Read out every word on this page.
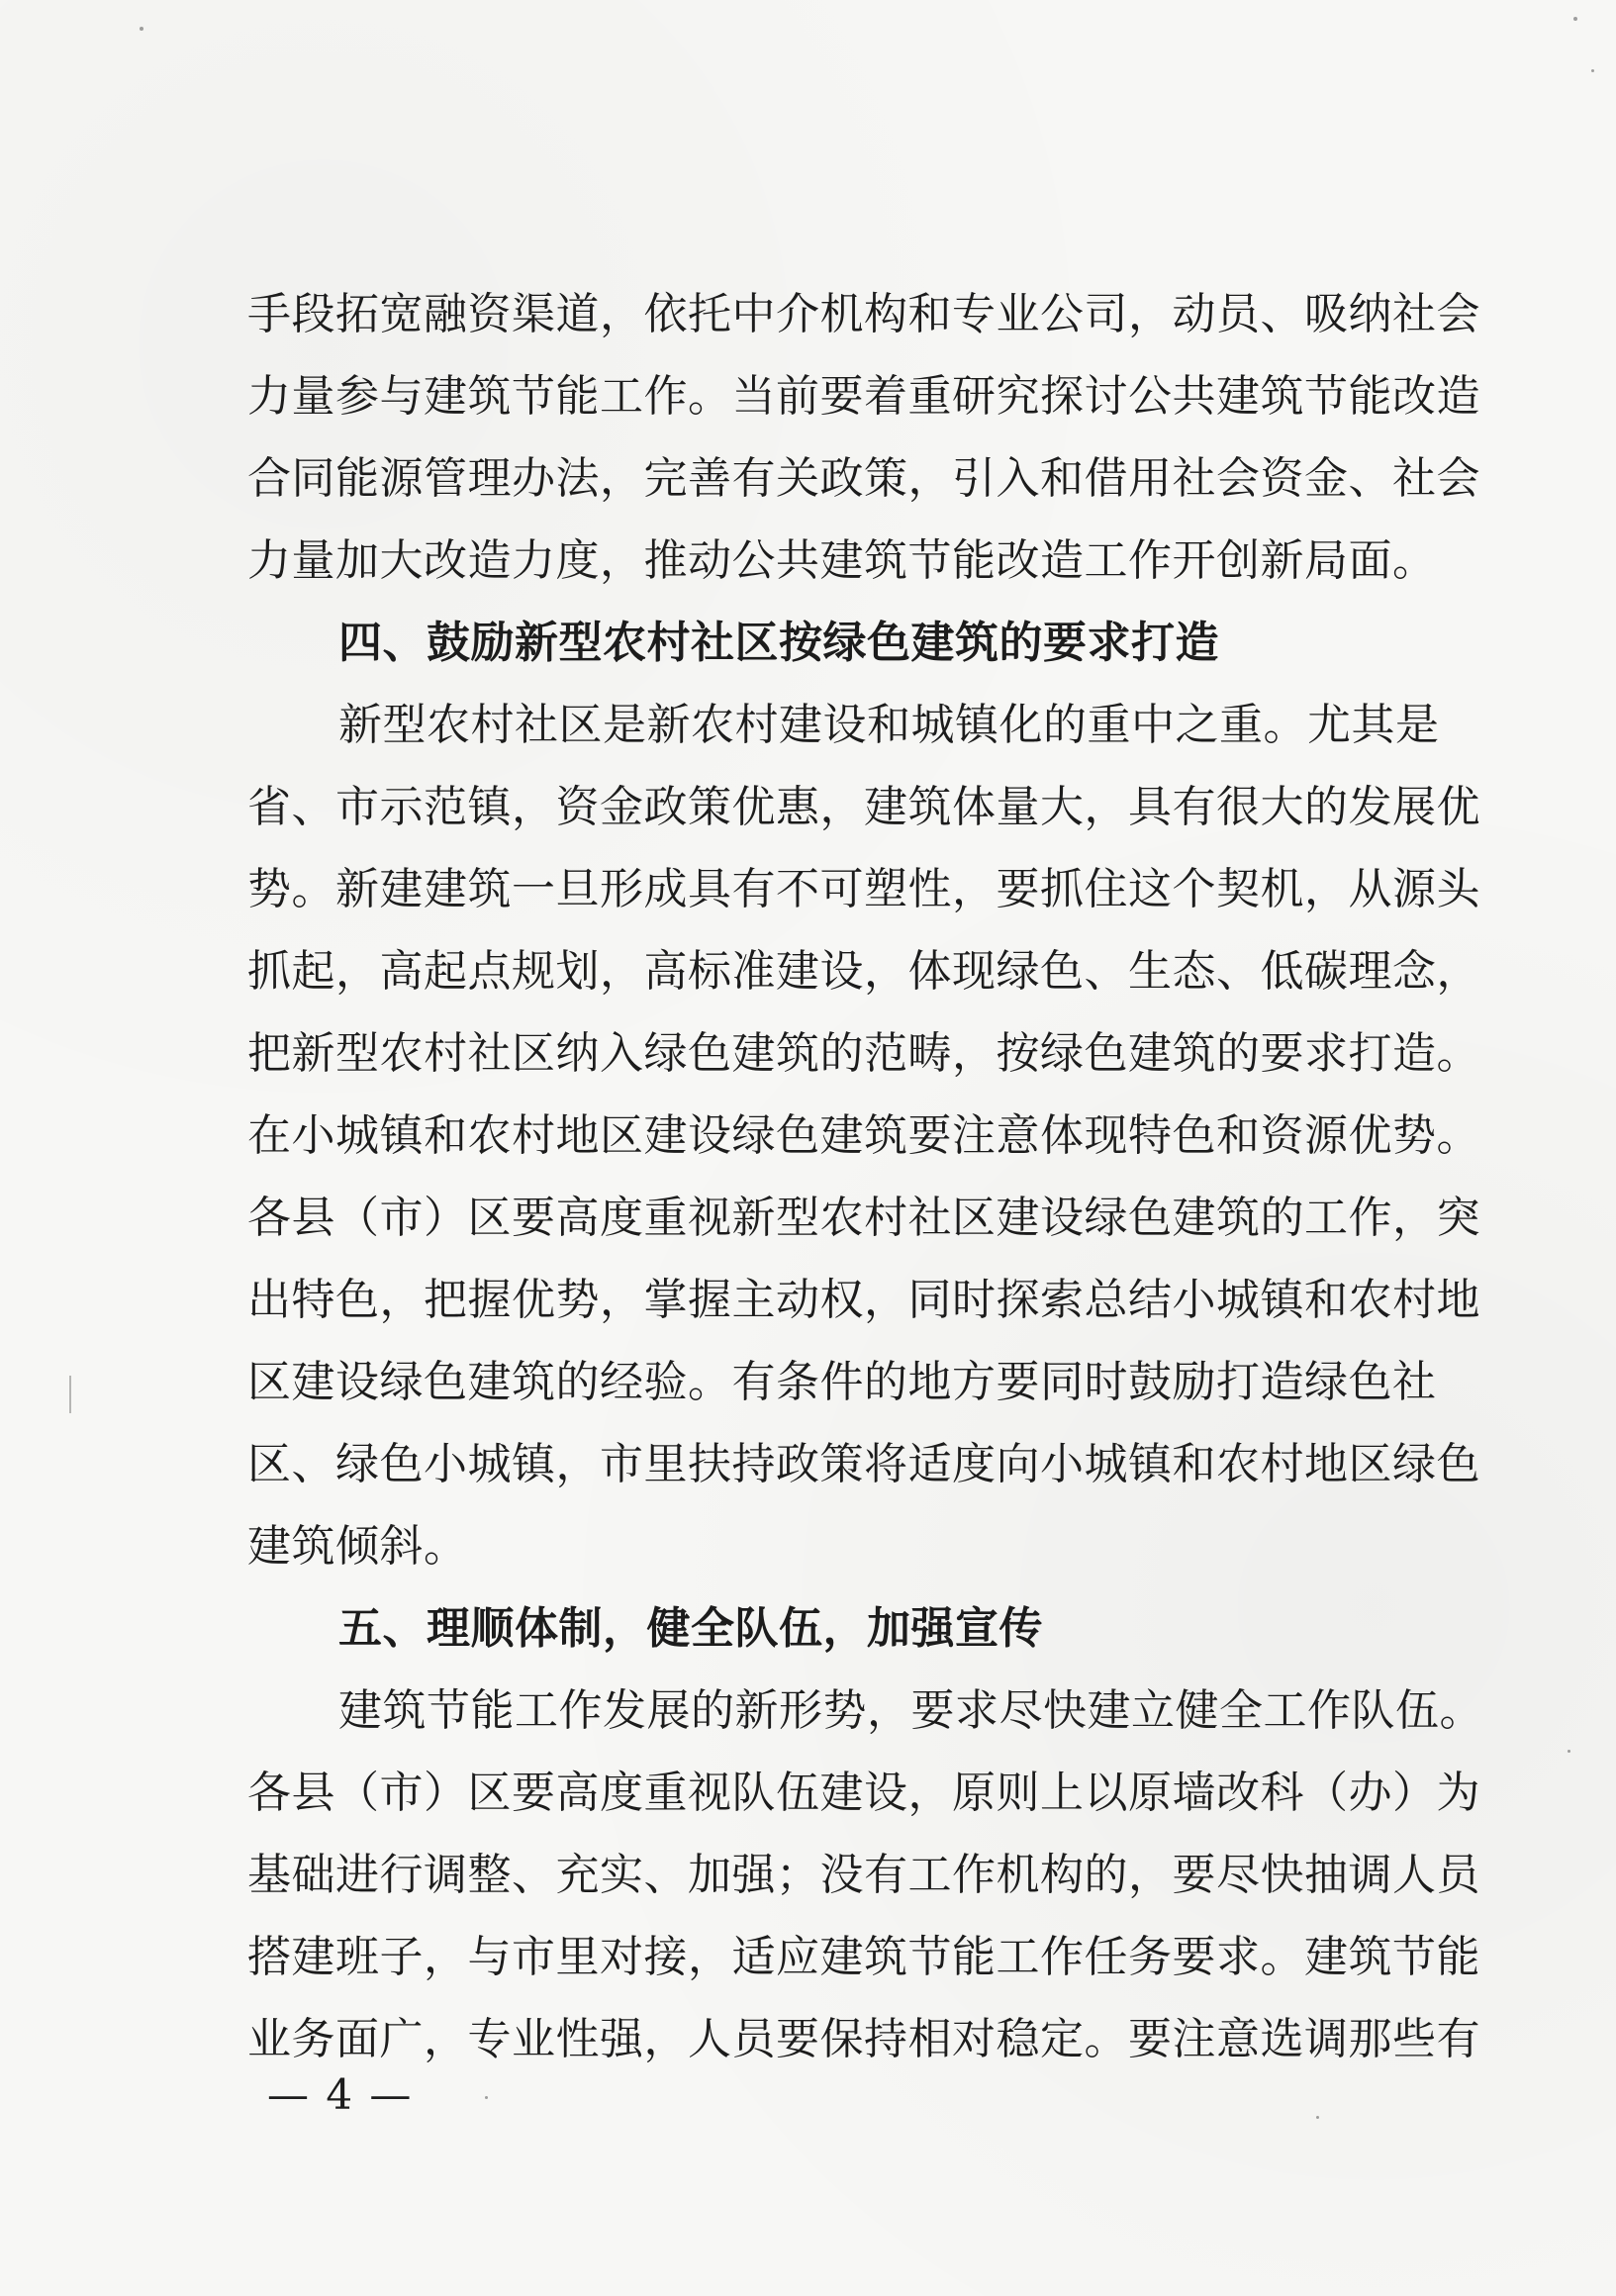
手段拓宽融资渠道，依托中介机构和专业公司，动员、吸纳社会
力量参与建筑节能工作。当前要着重研究探讨公共建筑节能改造
合同能源管理办法，完善有关政策，引入和借用社会资金、社会
力量加大改造力度，推动公共建筑节能改造工作开创新局面。
四、鼓励新型农村社区按绿色建筑的要求打造
新型农村社区是新农村建设和城镇化的重中之重。尤其是
省、市示范镇，资金政策优惠，建筑体量大，具有很大的发展优
势。新建建筑一旦形成具有不可塑性，要抓住这个契机，从源头
抓起，高起点规划，高标准建设，体现绿色、生态、低碳理念，
把新型农村社区纳入绿色建筑的范畴，按绿色建筑的要求打造。
在小城镇和农村地区建设绿色建筑要注意体现特色和资源优势。
各县（市）区要高度重视新型农村社区建设绿色建筑的工作，突
出特色，把握优势，掌握主动权，同时探索总结小城镇和农村地
区建设绿色建筑的经验。有条件的地方要同时鼓励打造绿色社
区、绿色小城镇，市里扶持政策将适度向小城镇和农村地区绿色
建筑倾斜。
五、理顺体制，健全队伍，加强宣传
建筑节能工作发展的新形势，要求尽快建立健全工作队伍。
各县（市）区要高度重视队伍建设，原则上以原墙改科（办）为
基础进行调整、充实、加强；没有工作机构的，要尽快抽调人员
搭建班子，与市里对接，适应建筑节能工作任务要求。建筑节能
业务面广，专业性强，人员要保持相对稳定。要注意选调那些有
— 4 —
